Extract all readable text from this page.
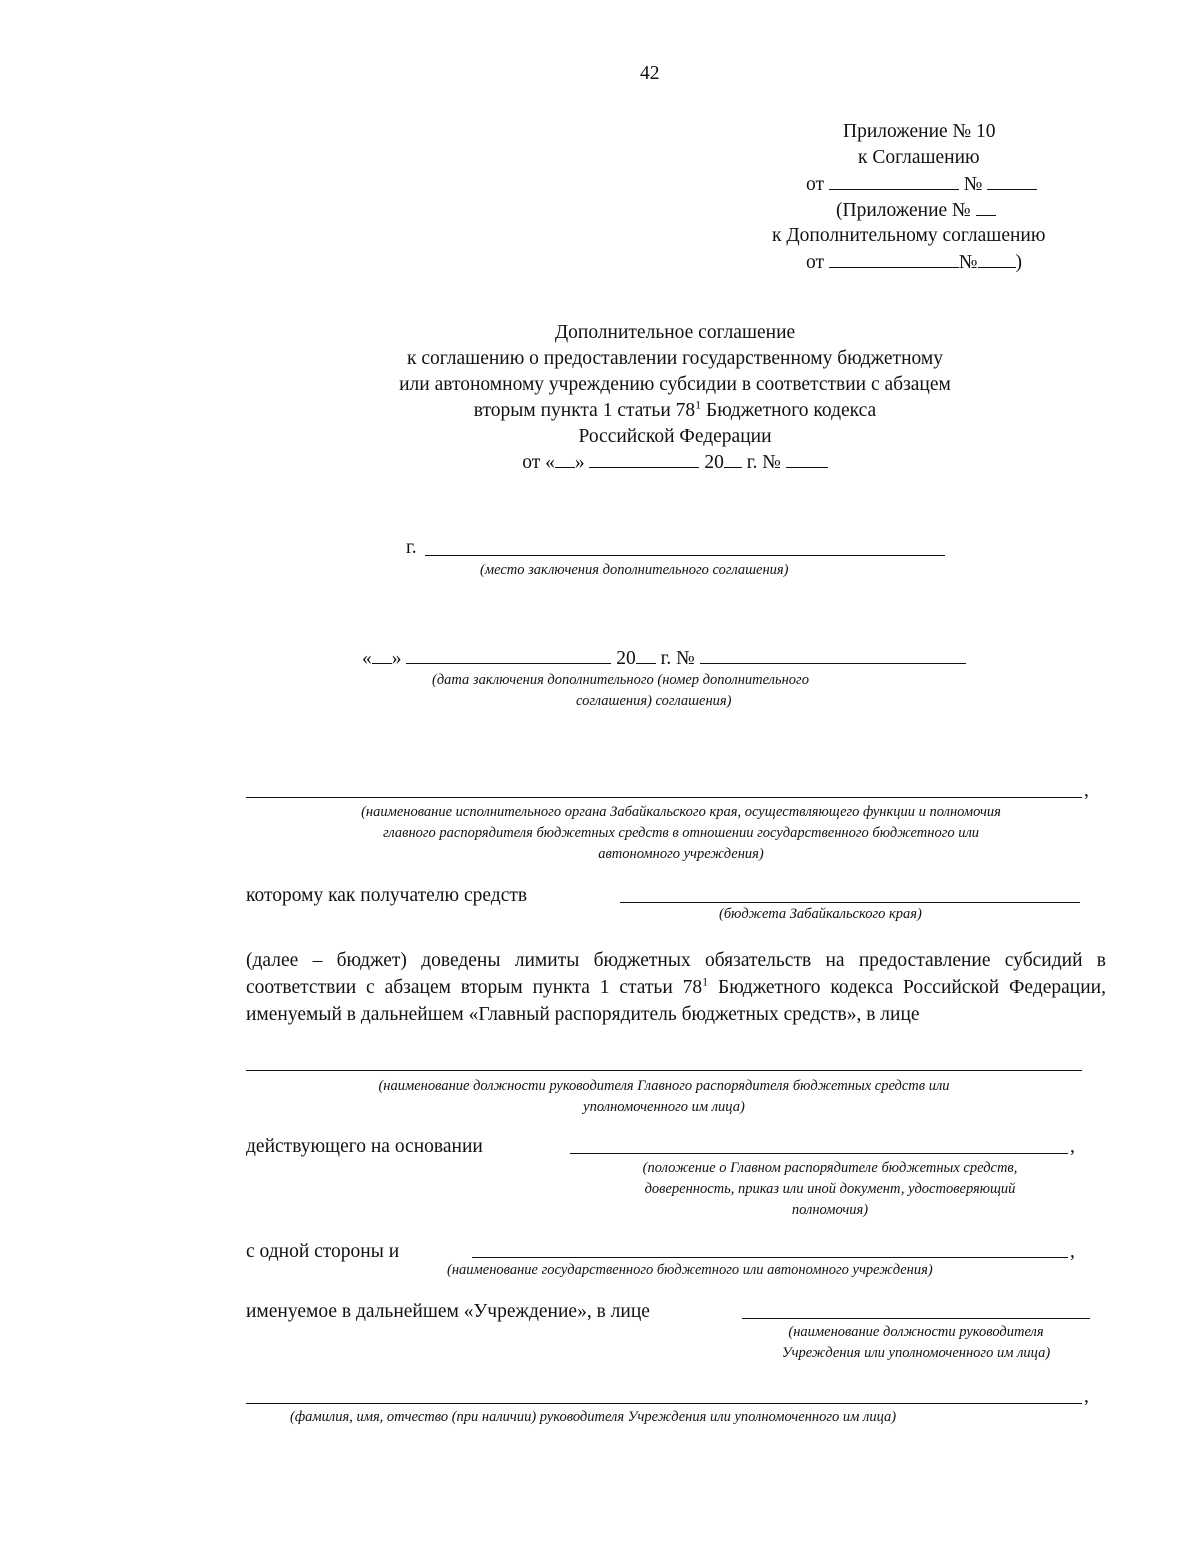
42
Приложение № 10
к Соглашению
от	№
(Приложение №
к Дополнительному соглашению
от	№ )
Дополнительное соглашение
к соглашению о предоставлении государственному бюджетному
или автономному учреждению субсидии в соответствии с абзацем
вторым пункта 1 статьи $78^1$ Бюджетного кодекса
Российской Федерации
от « »	20 г. №
г.
(место заключения дополнительного соглашения)
« »	20 г. №
(дата заключения дополнительного (номер дополнительного
соглашения) соглашения)
,
(наименование исполнительного органа Забайкальского края, осуществляющего функции и полномочия
главного распорядителя бюджетных средств в отношении государственного бюджетного или
автономного учреждения)
которому как получателю средств
(бюджета Забайкальского края)
(далее – бюджет) доведены лимиты бюджетных обязательств на предоставление субсидий в соответствии с абзацем вторым пункта 1 статьи $78^1$ Бюджетного кодекса Российской Федерации, именуемый в дальнейшем «Главный распорядитель бюджетных средств», в лице
(наименование должности руководителя Главного распорядителя бюджетных средств или
уполномоченного им лица)
действующего на основании	,
(положение о Главном распорядителе бюджетных средств,
доверенность, приказ или иной документ, удостоверяющий
полномочия)
с одной стороны и	,
(наименование государственного бюджетного или автономного учреждения)
именуемое в дальнейшем «Учреждение», в лице
(наименование должности руководителя
Учреждения или уполномоченного им лица)
,
(фамилия, имя, отчество (при наличии) руководителя Учреждения или уполномоченного им лица)
